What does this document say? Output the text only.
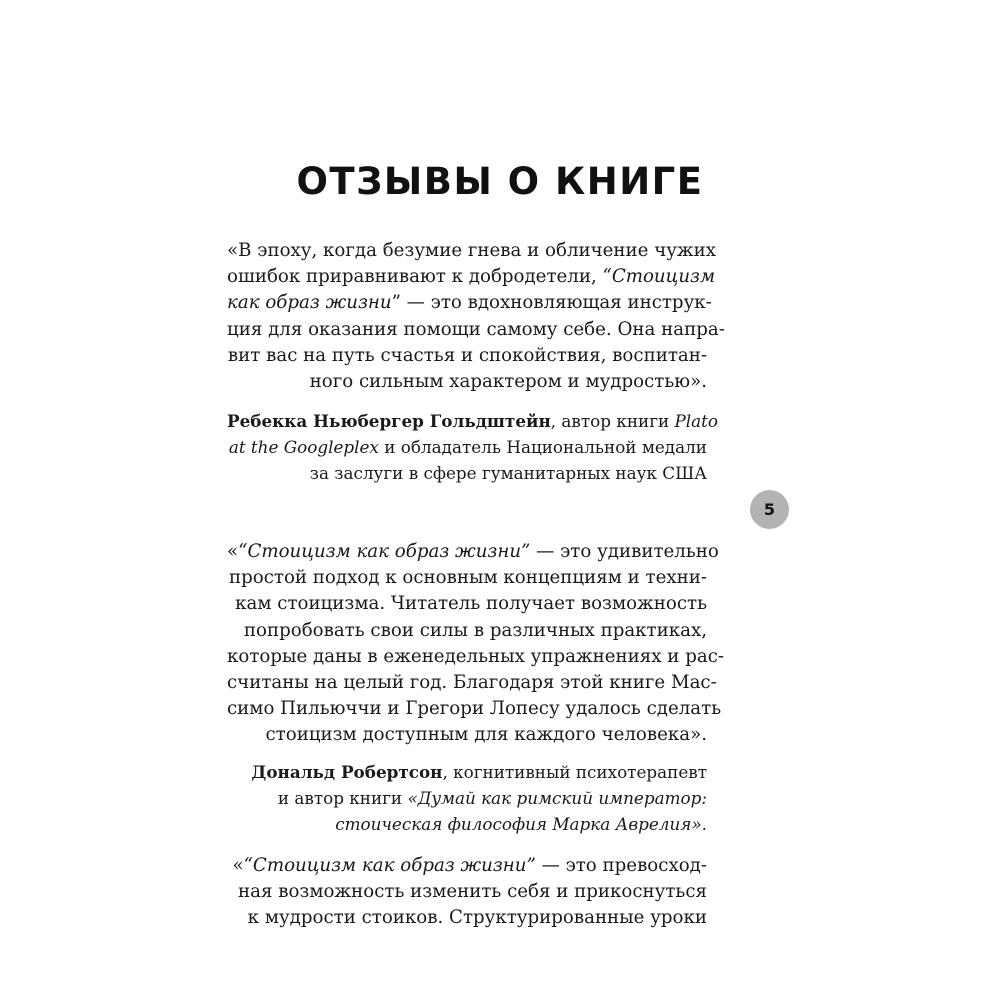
ОТЗЫВЫ О КНИГЕ
«В эпоху, когда безумие гнева и обличение чужих
ошибок приравнивают к добродетели, “Стоицизм
как образ жизни” — это вдохновляющая инструк-
ция для оказания помощи самому себе. Она напра-
вит вас на путь счастья и спокойствия, воспитан-
ного сильным характером и мудростью».
Ребекка Ньюбергер Гольдштейн, автор книги Plato
at the Googleplex и обладатель Национальной медали
за заслуги в сфере гуманитарных наук США
5
«“Стоицизм как образ жизни” — это удивительно
простой подход к основным концепциям и техни-
кам стоицизма. Читатель получает возможность
попробовать свои силы в различных практиках,
которые даны в еженедельных упражнениях и рас-
считаны на целый год. Благодаря этой книге Мас-
симо Пильюччи и Грегори Лопесу удалось сделать
стоицизм доступным для каждого человека».
Дональд Робертсон, когнитивный психотерапевт
и автор книги «Думай как римский император:
стоическая философия Марка Аврелия».
«“Стоицизм как образ жизни” — это превосход-
ная возможность изменить себя и прикоснуться
к мудрости стоиков. Структурированные уроки
